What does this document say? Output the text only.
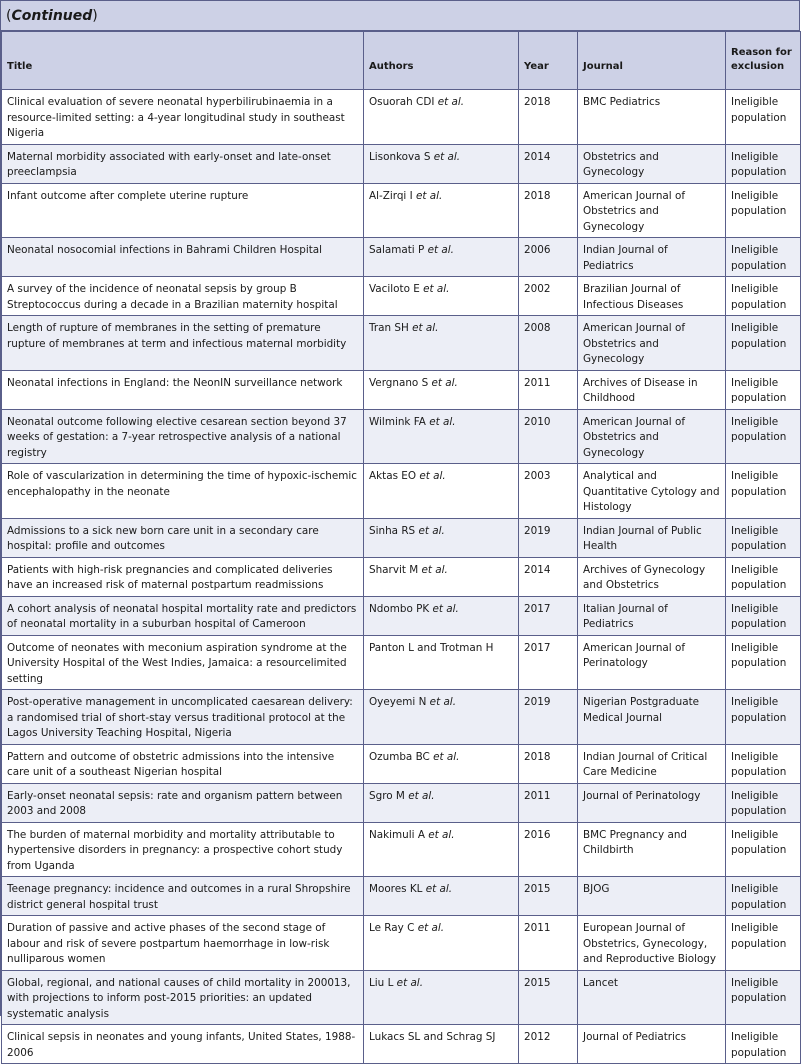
(Continued)
Title	Authors	Year	Journal	Reason for exclusion
Clinical evaluation of severe neonatal hyperbilirubinaemia in a resource-limited setting: a 4-year longitudinal study in southeast Nigeria	Osuorah CDI et al.	2018	BMC Pediatrics	Ineligible population
Maternal morbidity associated with early-onset and late-onset preeclampsia	Lisonkova S et al.	2014	Obstetrics and Gynecology	Ineligible population
Infant outcome after complete uterine rupture	Al-Zirqi I et al.	2018	American Journal of Obstetrics and Gynecology	Ineligible population
Neonatal nosocomial infections in Bahrami Children Hospital	Salamati P et al.	2006	Indian Journal of Pediatrics	Ineligible population
A survey of the incidence of neonatal sepsis by group B Streptococcus during a decade in a Brazilian maternity hospital	Vaciloto E et al.	2002	Brazilian Journal of Infectious Diseases	Ineligible population
Length of rupture of membranes in the setting of premature rupture of membranes at term and infectious maternal morbidity	Tran SH et al.	2008	American Journal of Obstetrics and Gynecology	Ineligible population
Neonatal infections in England: the NeonIN surveillance network	Vergnano S et al.	2011	Archives of Disease in Childhood	Ineligible population
Neonatal outcome following elective cesarean section beyond 37 weeks of gestation: a 7-year retrospective analysis of a national registry	Wilmink FA et al.	2010	American Journal of Obstetrics and Gynecology	Ineligible population
Role of vascularization in determining the time of hypoxic-ischemic encephalopathy in the neonate	Aktas EO et al.	2003	Analytical and Quantitative Cytology and Histology	Ineligible population
Admissions to a sick new born care unit in a secondary care hospital: profile and outcomes	Sinha RS et al.	2019	Indian Journal of Public Health	Ineligible population
Patients with high-risk pregnancies and complicated deliveries have an increased risk of maternal postpartum readmissions	Sharvit M et al.	2014	Archives of Gynecology and Obstetrics	Ineligible population
A cohort analysis of neonatal hospital mortality rate and predictors of neonatal mortality in a suburban hospital of Cameroon	Ndombo PK et al.	2017	Italian Journal of Pediatrics	Ineligible population
Outcome of neonates with meconium aspiration syndrome at the University Hospital of the West Indies, Jamaica: a resourcelimited setting	Panton L and Trotman H	2017	American Journal of Perinatology	Ineligible population
Post-operative management in uncomplicated caesarean delivery: a randomised trial of short-stay versus traditional protocol at the Lagos University Teaching Hospital, Nigeria	Oyeyemi N et al.	2019	Nigerian Postgraduate Medical Journal	Ineligible population
Pattern and outcome of obstetric admissions into the intensive care unit of a southeast Nigerian hospital	Ozumba BC et al.	2018	Indian Journal of Critical Care Medicine	Ineligible population
Early-onset neonatal sepsis: rate and organism pattern between 2003 and 2008	Sgro M et al.	2011	Journal of Perinatology	Ineligible population
The burden of maternal morbidity and mortality attributable to hypertensive disorders in pregnancy: a prospective cohort study from Uganda	Nakimuli A et al.	2016	BMC Pregnancy and Childbirth	Ineligible population
Teenage pregnancy: incidence and outcomes in a rural Shropshire district general hospital trust	Moores KL et al.	2015	BJOG	Ineligible population
Duration of passive and active phases of the second stage of labour and risk of severe postpartum haemorrhage in low-risk nulliparous women	Le Ray C et al.	2011	European Journal of Obstetrics, Gynecology, and Reproductive Biology	Ineligible population
Global, regional, and national causes of child mortality in 200013, with projections to inform post-2015 priorities: an updated systematic analysis	Liu L et al.	2015	Lancet	Ineligible population
Clinical sepsis in neonates and young infants, United States, 1988-2006	Lukacs SL and Schrag SJ	2012	Journal of Pediatrics	Ineligible population
